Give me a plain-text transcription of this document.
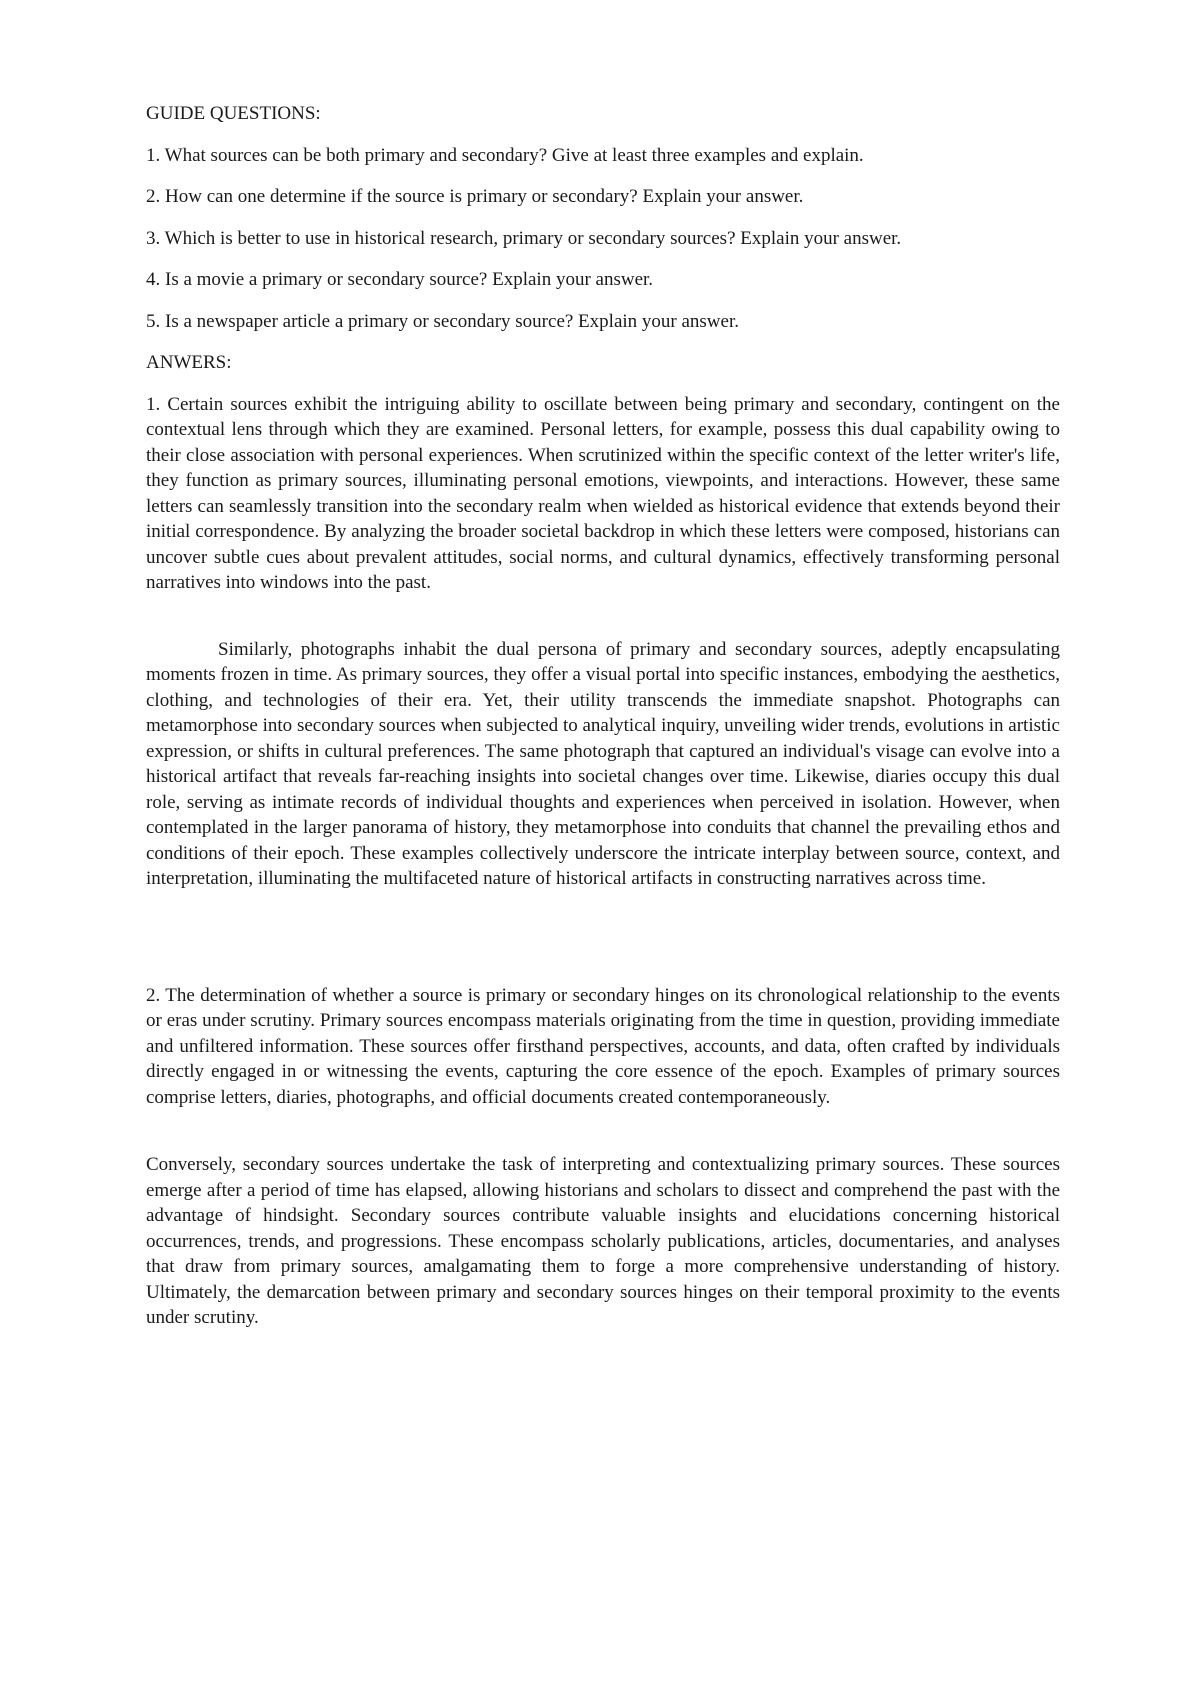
GUIDE QUESTIONS:

1. What sources can be both primary and secondary? Give at least three examples and explain.

2. How can one determine if the source is primary or secondary? Explain your answer.

3. Which is better to use in historical research, primary or secondary sources? Explain your answer.

4. Is a movie a primary or secondary source? Explain your answer.

5. Is a newspaper article a primary or secondary source? Explain your answer.

ANWERS:

1. Certain sources exhibit the intriguing ability to oscillate between being primary and secondary, contingent on the contextual lens through which they are examined. Personal letters, for example, possess this dual capability owing to their close association with personal experiences. When scrutinized within the specific context of the letter writer's life, they function as primary sources, illuminating personal emotions, viewpoints, and interactions. However, these same letters can seamlessly transition into the secondary realm when wielded as historical evidence that extends beyond their initial correspondence. By analyzing the broader societal backdrop in which these letters were composed, historians can uncover subtle cues about prevalent attitudes, social norms, and cultural dynamics, effectively transforming personal narratives into windows into the past.

Similarly, photographs inhabit the dual persona of primary and secondary sources, adeptly encapsulating moments frozen in time. As primary sources, they offer a visual portal into specific instances, embodying the aesthetics, clothing, and technologies of their era. Yet, their utility transcends the immediate snapshot. Photographs can metamorphose into secondary sources when subjected to analytical inquiry, unveiling wider trends, evolutions in artistic expression, or shifts in cultural preferences. The same photograph that captured an individual's visage can evolve into a historical artifact that reveals far-reaching insights into societal changes over time. Likewise, diaries occupy this dual role, serving as intimate records of individual thoughts and experiences when perceived in isolation. However, when contemplated in the larger panorama of history, they metamorphose into conduits that channel the prevailing ethos and conditions of their epoch. These examples collectively underscore the intricate interplay between source, context, and interpretation, illuminating the multifaceted nature of historical artifacts in constructing narratives across time.

2. The determination of whether a source is primary or secondary hinges on its chronological relationship to the events or eras under scrutiny. Primary sources encompass materials originating from the time in question, providing immediate and unfiltered information. These sources offer firsthand perspectives, accounts, and data, often crafted by individuals directly engaged in or witnessing the events, capturing the core essence of the epoch. Examples of primary sources comprise letters, diaries, photographs, and official documents created contemporaneously.

Conversely, secondary sources undertake the task of interpreting and contextualizing primary sources. These sources emerge after a period of time has elapsed, allowing historians and scholars to dissect and comprehend the past with the advantage of hindsight. Secondary sources contribute valuable insights and elucidations concerning historical occurrences, trends, and progressions. These encompass scholarly publications, articles, documentaries, and analyses that draw from primary sources, amalgamating them to forge a more comprehensive understanding of history. Ultimately, the demarcation between primary and secondary sources hinges on their temporal proximity to the events under scrutiny.
